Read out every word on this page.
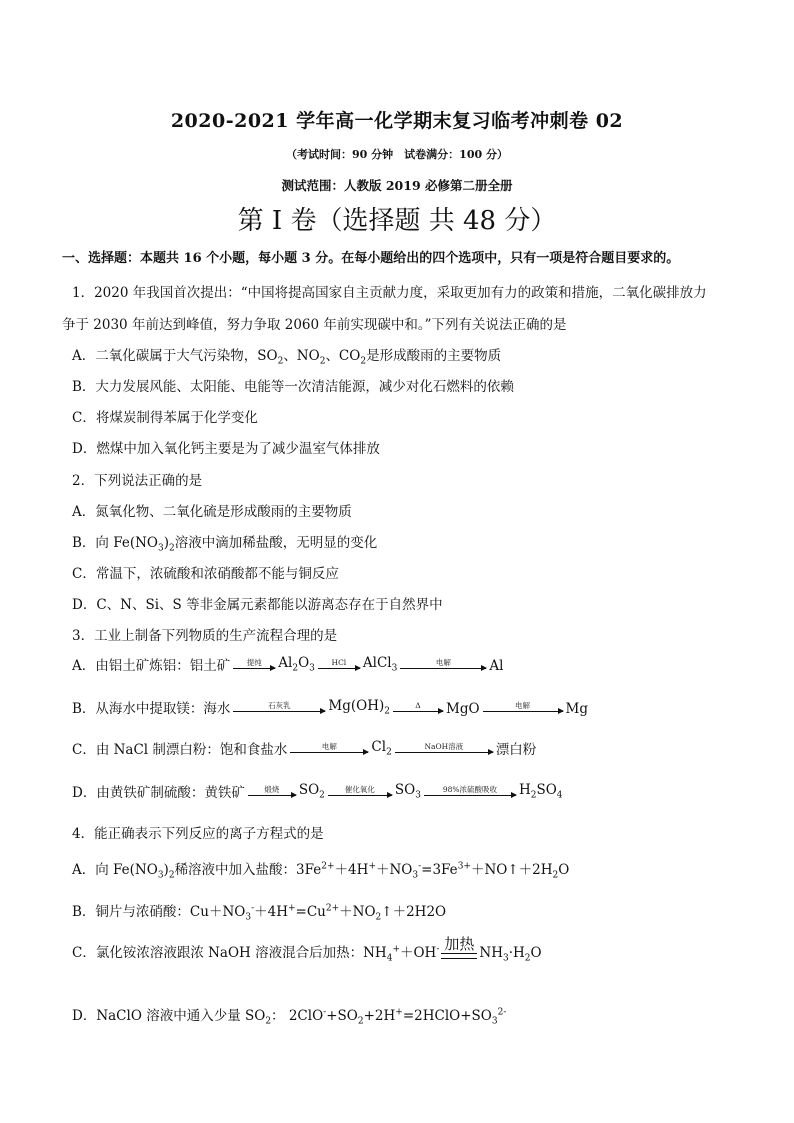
2020-2021 学年高一化学期末复习临考冲刺卷 02
（考试时间：90 分钟　试卷满分：100 分）
测试范围：人教版 2019 必修第二册全册
第 I 卷（选择题 共 48 分）
一、选择题：本题共 16 个小题，每小题 3 分。在每小题给出的四个选项中，只有一项是符合题目要求的。
1．2020 年我国首次提出：“中国将提高国家自主贡献力度，采取更加有力的政策和措施，二氧化碳排放力
争于 2030 年前达到峰值，努力争取 2060 年前实现碳中和。”下列有关说法正确的是
A．二氧化碳属于大气污染物，$SO_2$、$NO_2$、$CO_2$是形成酸雨的主要物质
B．大力发展风能、太阳能、电能等一次清洁能源，减少对化石燃料的依赖
C．将煤炭制得苯属于化学变化
D．燃煤中加入氧化钙主要是为了减少温室气体排放
2．下列说法正确的是
A．氮氧化物、二氧化硫是形成酸雨的主要物质
B．向 $Fe(NO_3)_2$溶液中滴加稀盐酸，无明显的变化
C．常温下，浓硫酸和浓硝酸都不能与铜反应
D．C、N、Si、S 等非金属元素都能以游离态存在于自然界中
3．工业上制备下列物质的生产流程合理的是
A．由铝土矿炼铝：铝土矿	提纯	$Al_2O_3$
HCl	AlCl$_3$
电解	Al
B．从海水中提取镁：海水	石灰乳	$Mg(OH)_2$
Δ	MgO	电解	Mg
C．由 NaCl 制漂白粉：饱和食盐水	电解	$Cl_2$
NaOH溶液	漂白粉
D．由黄铁矿制硫酸：黄铁矿	煅烧	$SO_2$
催化氧化	$SO_3$
98%浓硫酸吸收	$H_2SO_4$
4．能正确表示下列反应的离子方程式的是
A．向 $Fe(NO_3)_2$稀溶液中加入盐酸：$3Fe^{2+}+4H^++NO_3^-=3Fe^{3+}+NO↑+2H_2O$
B．铜片与浓硝酸：$Cu+NO_3^-+4H^+=Cu^{2+}+NO_2↑+2H2O$
C．氯化铵浓溶液跟浓 NaOH 溶液混合后加热：$NH_4^++OH^-$ 加热
$NH_3\cdot H_2O$
D．NaClO 溶液中通入少量 $SO_2$： $2ClO^-+SO_2+2H^+=2HClO+SO_3^{2-}$
